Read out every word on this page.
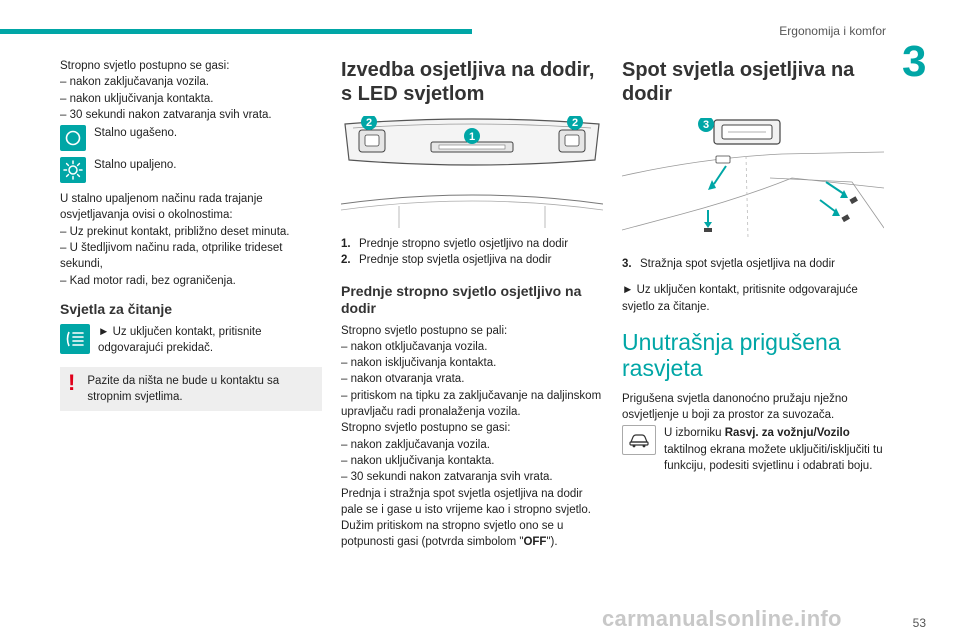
Ergonomija i komfor
3

Stropno svjetlo postupno se gasi:

– nakon zaključavanja vozila.

– nakon uključivanja kontakta.

– 30 sekundi nakon zatvaranja svih vrata.

Stalno ugašeno.
Stalno upaljeno.

U stalno upaljenom načinu rada trajanje osvjetljavanja ovisi o okolnostima:

– Uz prekinut kontakt, približno deset minuta.

– U štedljivom načinu rada, otprilike trideset sekundi,

– Kad motor radi, bez ograničenja.

Svjetla za čitanje
► Uz uključen kontakt, pritisnite odgovarajući prekidač.
! Pazite da ništa ne bude u kontaktu sa stropnim svjetlima.
Izvedba osjetljiva na dodir, s LED svjetlom
2
1
2
1. Prednje stropno svjetlo osjetljivo na dodir
2. Prednje stop svjetla osjetljiva na dodir
Prednje stropno svjetlo osjetljivo na dodir

Stropno svjetlo postupno se pali:

– nakon otključavanja vozila.

– nakon isključivanja kontakta.

– nakon otvaranja vrata.

– pritiskom na tipku za zaključavanje na daljinskom upravljaču radi pronalaženja vozila.

Stropno svjetlo postupno se gasi:

– nakon zaključavanja vozila.

– nakon uključivanja kontakta.

– 30 sekundi nakon zatvaranja svih vrata.

Prednja i stražnja spot svjetla osjetljiva na dodir pale se i gase u isto vrijeme kao i stropno svjetlo.

Dužim pritiskom na stropno svjetlo ono se u potpunosti gasi (potvrda simbolom "OFF").

Spot svjetla osjetljiva na dodir
3
3. Stražnja spot svjetla osjetljiva na dodir

► Uz uključen kontakt, pritisnite odgovarajuće svjetlo za čitanje.

Unutrašnja prigušena rasvjeta

Prigušena svjetla danonoćno pružaju nježno osvjetljenje u boji za prostor za suvozača.

U izborniku Rasvj. za vožnju/Vozilo taktilnog ekrana možete uključiti/isključiti tu funkciju, podesiti svjetlinu i odabrati boju.
carmanualsonline.info	53
